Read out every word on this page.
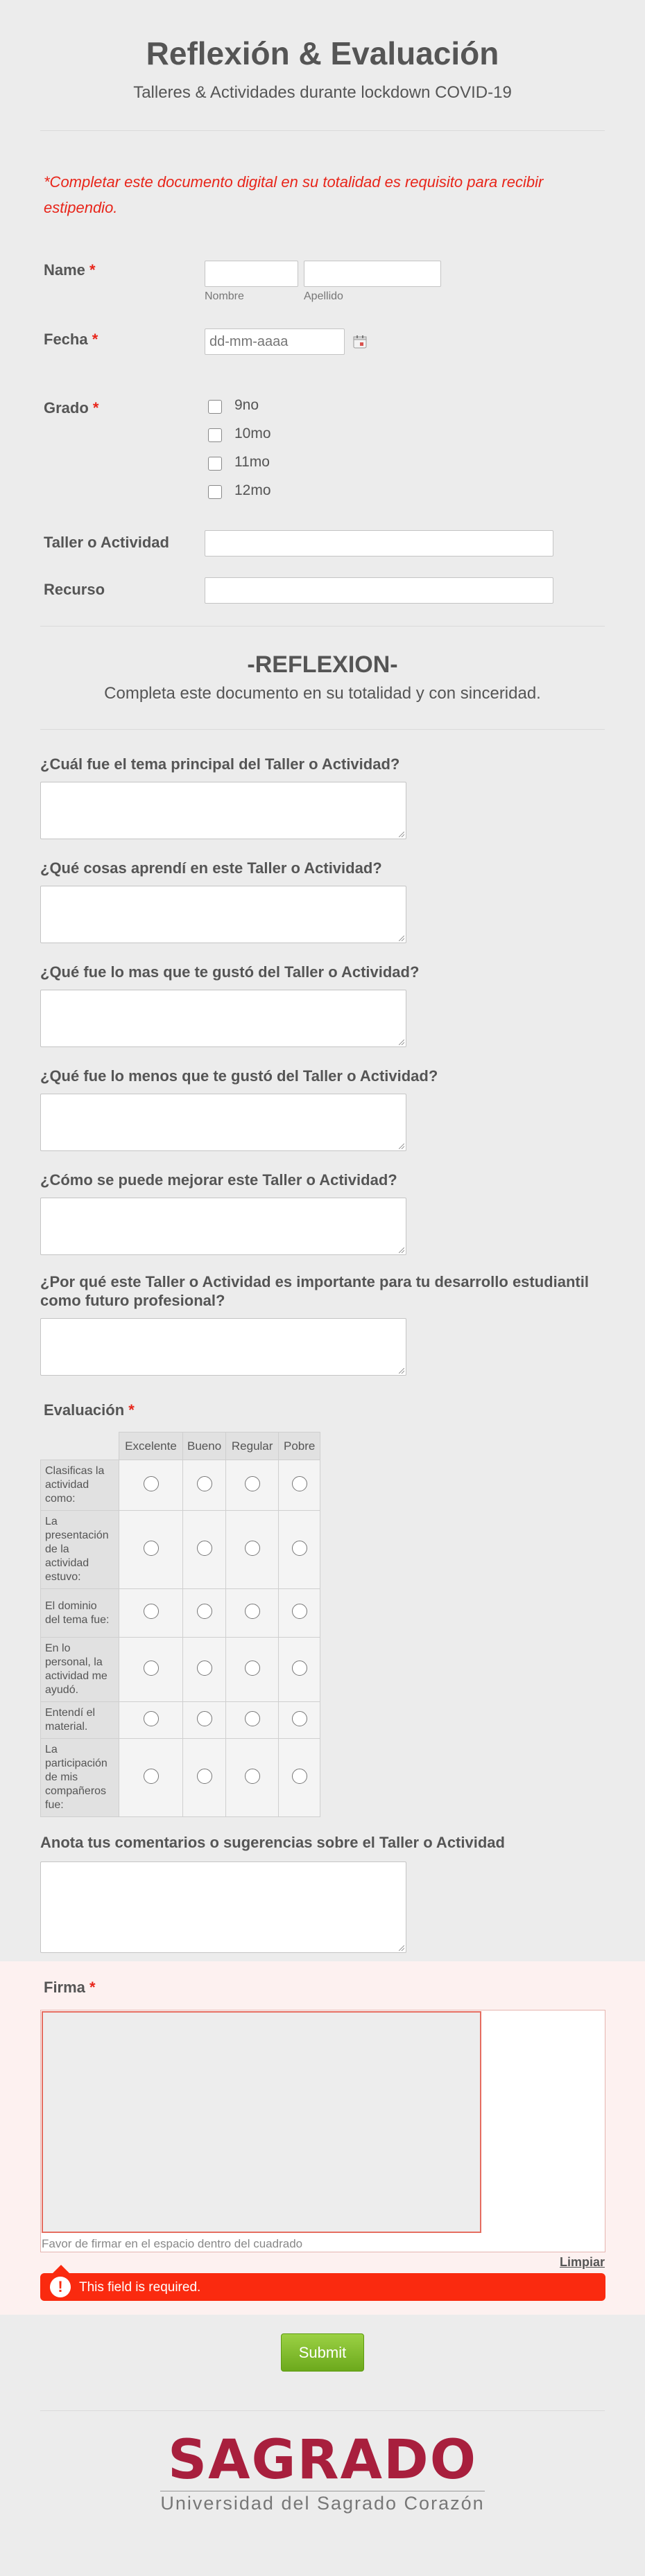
Reflexión & Evaluación
Talleres & Actividades durante lockdown COVID-19
*Completar este documento digital en su totalidad es requisito para recibir estipendio.
Name *
Nombre	Apellido
Fecha *
dd-mm-aaaa
Grado *	9no
10mo
11mo
12mo
Taller o Actividad
Recurso
-REFLEXION-
Completa este documento en su totalidad y con sinceridad.
¿Cuál fue el tema principal del Taller o Actividad?
¿Qué cosas aprendí en este Taller o Actividad?
¿Qué fue lo mas que te gustó del Taller o Actividad?
¿Qué fue lo menos que te gustó del Taller o Actividad?
¿Cómo se puede mejorar este Taller o Actividad?
¿Por qué este Taller o Actividad es importante para tu desarrollo estudiantil como futuro profesional?
Evaluación *
	Excelente	Bueno	Regular	Pobre
Clasificas la actividad como:				
La presentación de la actividad estuvo:				
El dominio del tema fue:				
En lo personal, la actividad me ayudó.				
Entendí el material.				
La participación de mis compañeros fue:				
Anota tus comentarios o sugerencias sobre el Taller o Actividad
Firma *
Favor de firmar en el espacio dentro del cuadrado
Limpiar
!	This field is required.
Submit
SAGRADO
Universidad del Sagrado Corazón
